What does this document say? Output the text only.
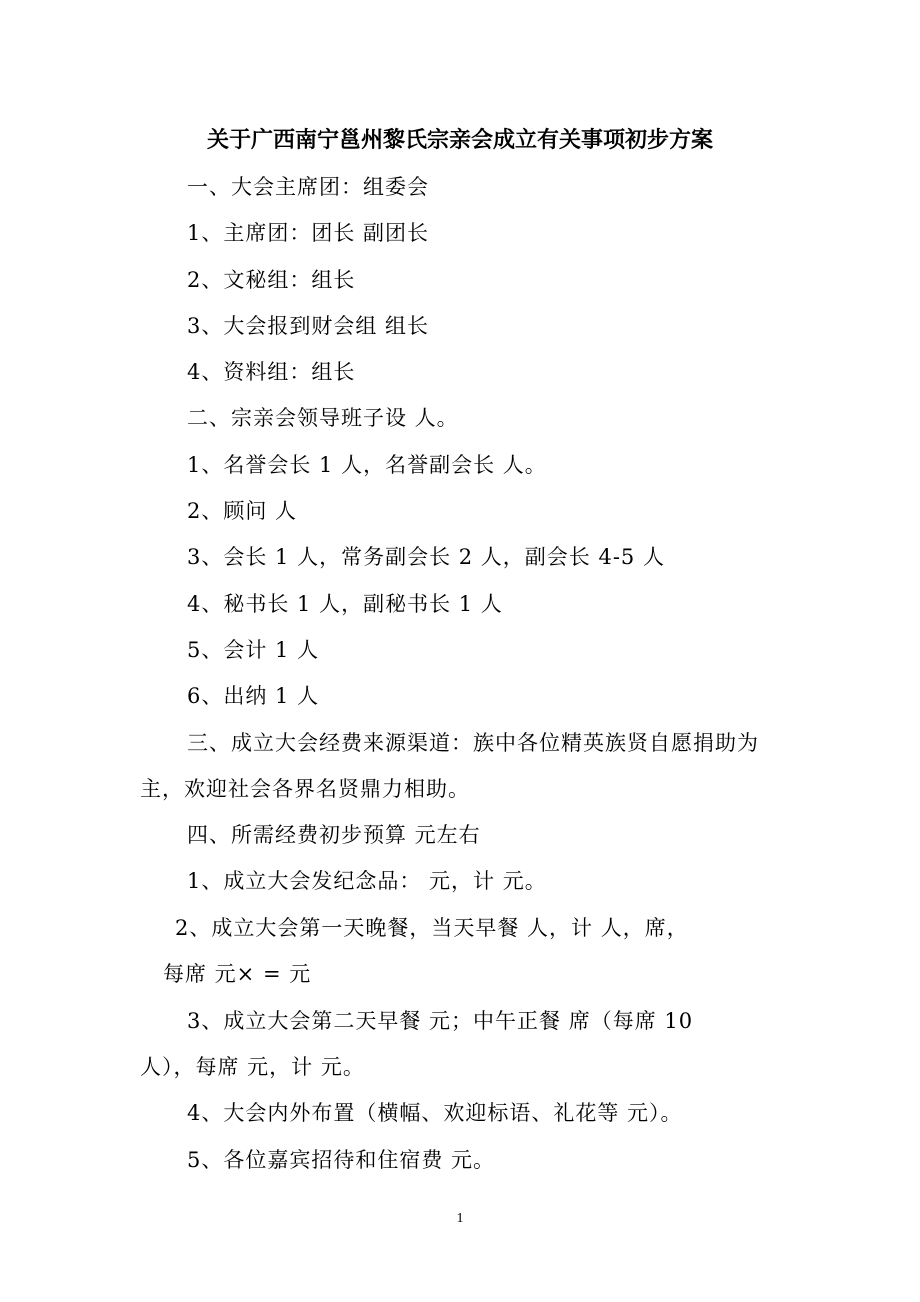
关于广西南宁邕州黎氏宗亲会成立有关事项初步方案
一、大会主席团：组委会
1、主席团：团长 副团长
2、文秘组：组长
3、大会报到财会组 组长
4、资料组：组长
二、宗亲会领导班子设 人。
1、名誉会长 1 人，名誉副会长 人。
2、顾问 人
3、会长 1 人，常务副会长 2 人，副会长 4-5 人
4、秘书长 1 人，副秘书长 1 人
5、会计 1 人
6、出纳 1 人
三、成立大会经费来源渠道：族中各位精英族贤自愿捐助为
主，欢迎社会各界名贤鼎力相助。
四、所需经费初步预算 元左右
1、成立大会发纪念品： 元，计 元。
2、成立大会第一天晚餐，当天早餐 人，计 人，席，
每席 元× = 元
3、成立大会第二天早餐 元；中午正餐 席（每席 10
人），每席 元，计 元。
4、大会内外布置（横幅、欢迎标语、礼花等 元）。
5、各位嘉宾招待和住宿费 元。
1
